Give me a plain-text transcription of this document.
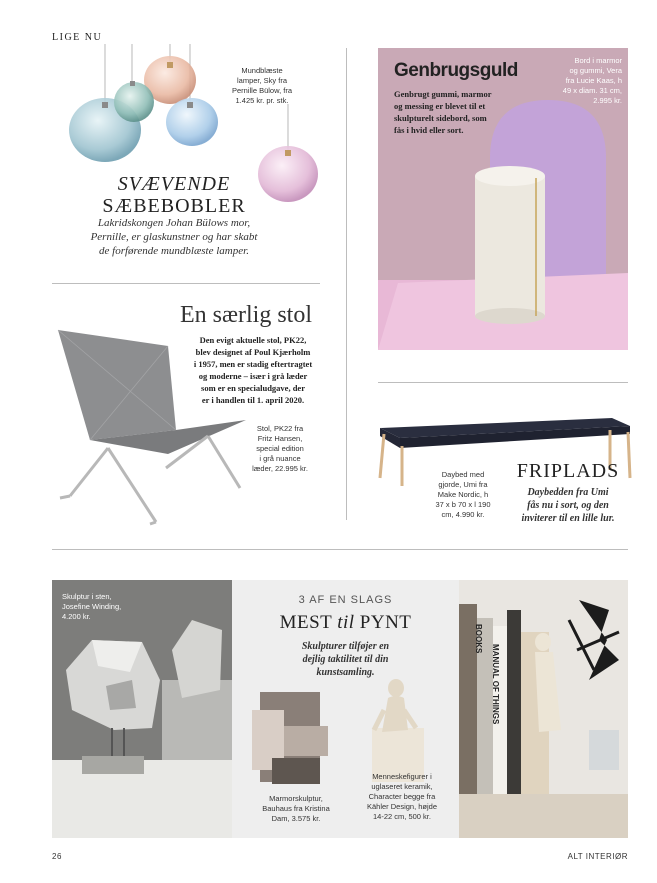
LIGE NU
Mundblæste
lamper, Sky fra
Pernille Bülow, fra
1.425 kr. pr. stk.
SVÆVENDE
SÆBEBOBLER
Lakridskongen Johan Bülows mor,
Pernille, er glaskunstner og har skabt
de forførende mundblæste lamper.
En særlig stol
Den evigt aktuelle stol, PK22,
blev designet af Poul Kjærholm
i 1957, men er stadig eftertragtet
og moderne – især i grå læder
som er en specialudgave, der
er i handlen til 1. april 2020.
Stol, PK22 fra
Fritz Hansen,
special edition
i grå nuance
læder, 22.995 kr.
Genbrugsguld
Genbrugt gummi, marmor
og messing er blevet til et
skulpturelt sidebord, som
fås i hvid eller sort.
Bord i marmor
og gummi, Vera
fra Lucie Kaas, h
49 x diam. 31 cm,
2.995 kr.
Daybed med
gjorde, Umi fra
Make Nordic, h
37 x b 70 x l 190
cm, 4.990 kr.
FRIPLADS
Daybedden fra Umi
fås nu i sort, og den
inviterer til en lille lur.
Skulptur i sten,
Josefine Winding,
4.200 kr.
3 AF EN SLAGS
MEST til PYNT
Skulpturer tilføjer en
dejlig taktilitet til din
kunstsamling.
Marmorskulptur,
Bauhaus fra Kristina
Dam, 3.575 kr.
Menneskefigurer i
uglaseret keramik,
Character begge fra
Kähler Design, højde
14-22 cm, 500 kr.
BOOKS
MANUAL OF THINGS
26	ALT INTERIØR
